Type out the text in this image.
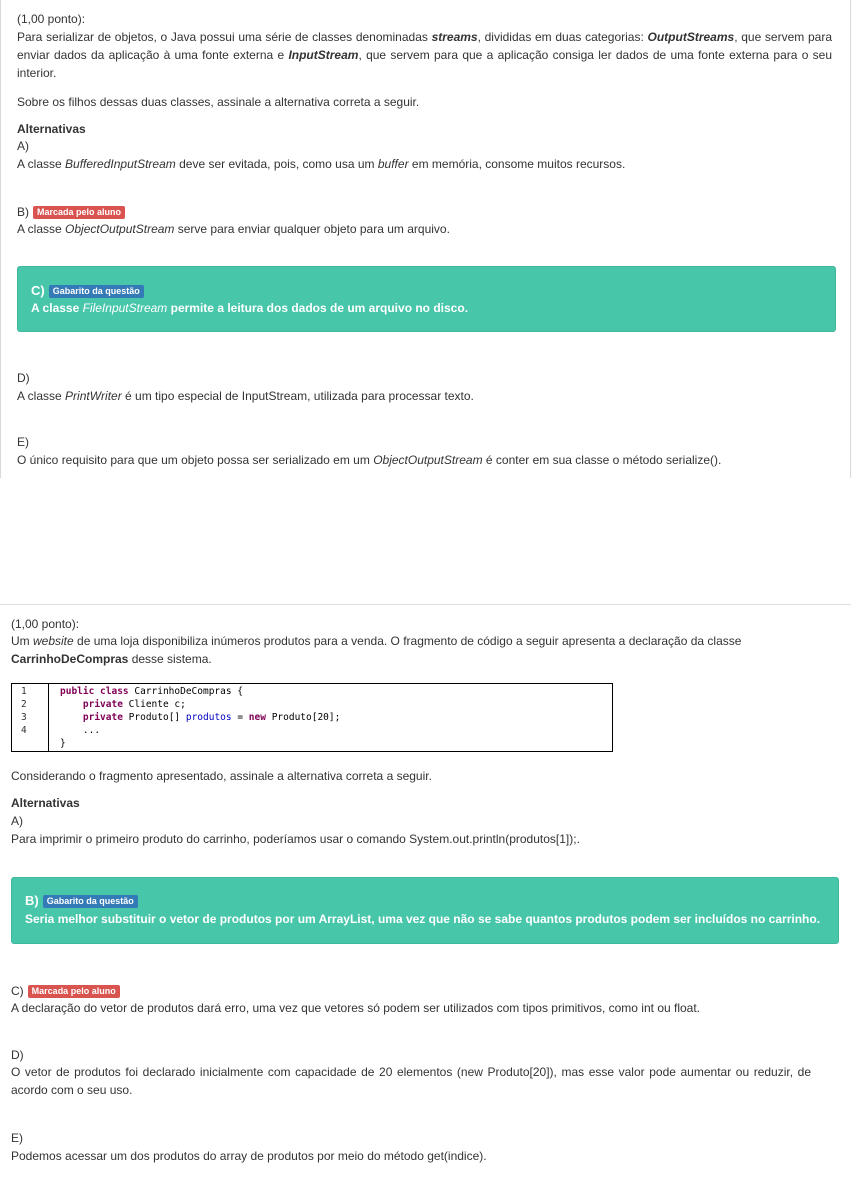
(1,00 ponto):

Para serializar de objetos, o Java possui uma série de classes denominadas streams, divididas em duas categorias: OutputStreams, que servem para enviar dados da aplicação à uma fonte externa e InputStream, que servem para que a aplicação consiga ler dados de uma fonte externa para o seu interior.

Sobre os filhos dessas duas classes, assinale a alternativa correta a seguir.

Alternativas

A)

A classe BufferedInputStream deve ser evitada, pois, como usa um buffer em memória, consome muitos recursos.

B) Marcada pelo aluno

A classe ObjectOutputStream serve para enviar qualquer objeto para um arquivo.

C) Gabarito da questão

A classe FileInputStream permite a leitura dos dados de um arquivo no disco.

D)

A classe PrintWriter é um tipo especial de InputStream, utilizada para processar texto.

E)

O único requisito para que um objeto possa ser serializado em um ObjectOutputStream é conter em sua classe o método serialize().

(1,00 ponto):

Um website de uma loja disponibiliza inúmeros produtos para a venda. O fragmento de código a seguir apresenta a declaração da classe CarrinhoDeCompras desse sistema.

1
2
3
4
public class CarrinhoDeCompras {
private Cliente c;
private Produto[] produtos = new Produto[20];
...
}

Considerando o fragmento apresentado, assinale a alternativa correta a seguir.

Alternativas

A)

Para imprimir o primeiro produto do carrinho, poderíamos usar o comando System.out.println(produtos[1]);.

B) Gabarito da questão

Seria melhor substituir o vetor de produtos por um ArrayList, uma vez que não se sabe quantos produtos podem ser incluídos no carrinho.

C) Marcada pelo aluno

A declaração do vetor de produtos dará erro, uma vez que vetores só podem ser utilizados com tipos primitivos, como int ou float.

D)

O vetor de produtos foi declarado inicialmente com capacidade de 20 elementos (new Produto[20]), mas esse valor pode aumentar ou reduzir, de acordo com o seu uso.

E)

Podemos acessar um dos produtos do array de produtos por meio do método get(indice).
